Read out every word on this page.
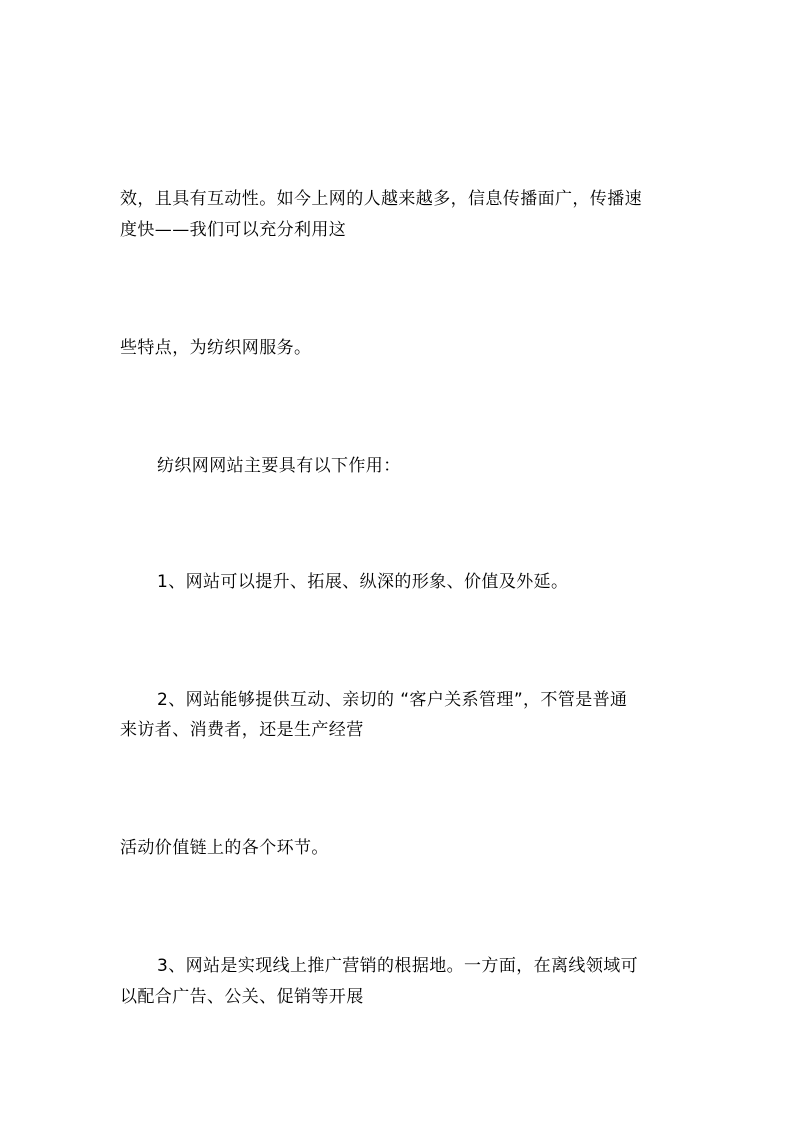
效，且具有互动性。如今上网的人越来越多，信息传播面广，传播速
度快——我们可以充分利用这
些特点，为纺织网服务。
纺织网网站主要具有以下作用：
1、网站可以提升、拓展、纵深的形象、价值及外延。
2、网站能够提供互动、亲切的 “客户关系管理”，不管是普通
来访者、消费者，还是生产经营
活动价值链上的各个环节。
3、网站是实现线上推广营销的根据地。一方面，在离线领域可
以配合广告、公关、促销等开展
